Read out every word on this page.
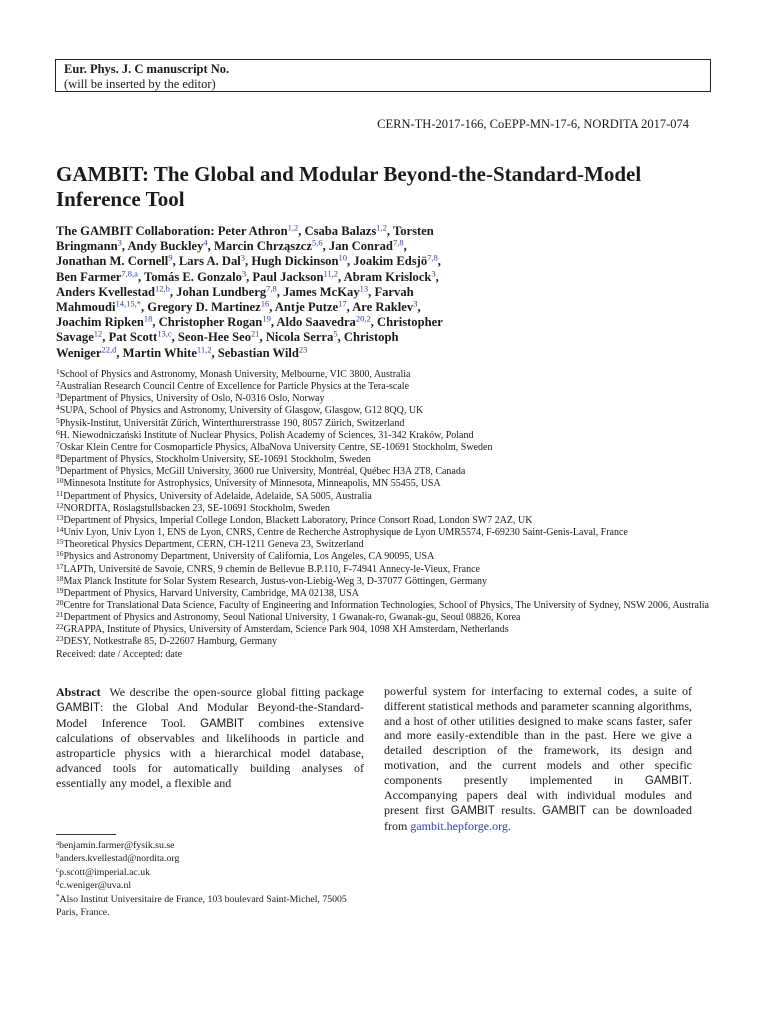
Eur. Phys. J. C manuscript No.
(will be inserted by the editor)
CERN-TH-2017-166, CoEPP-MN-17-6, NORDITA 2017-074
GAMBIT: The Global and Modular Beyond-the-Standard-Model Inference Tool
The GAMBIT Collaboration: Peter Athron$^{1,2}$, Csaba Balazs$^{1,2}$, Torsten
Bringmann$^3$, Andy Buckley$^4$, Marcin Chrząszcz$^{5,6}$, Jan Conrad$^{7,8}$,
Jonathan M. Cornell$^9$, Lars A. Dal$^3$, Hugh Dickinson$^{10}$, Joakim Edsjö$^{7,8}$,
Ben Farmer$^{7,8,a}$, Tomás E. Gonzalo$^3$, Paul Jackson$^{11,2}$, Abram Krislock$^3$,
Anders Kvellestad$^{12,b}$, Johan Lundberg$^{7,8}$, James McKay$^{13}$, Farvah
Mahmoudi$^{14,15,*}$, Gregory D. Martinez$^{16}$, Antje Putze$^{17}$, Are Raklev$^3$,
Joachim Ripken$^{18}$, Christopher Rogan$^{19}$, Aldo Saavedra$^{20,2}$, Christopher
Savage$^{12}$, Pat Scott$^{13,c}$, Seon-Hee Seo$^{21}$, Nicola Serra$^5$, Christoph
Weniger$^{22,d}$, Martin White$^{11,2}$, Sebastian Wild$^{23}$
$^1$School of Physics and Astronomy, Monash University, Melbourne, VIC 3800, Australia
$^2$Australian Research Council Centre of Excellence for Particle Physics at the Tera-scale
$^3$Department of Physics, University of Oslo, N-0316 Oslo, Norway
$^4$SUPA, School of Physics and Astronomy, University of Glasgow, Glasgow, G12 8QQ, UK
$^5$Physik-Institut, Universität Zürich, Winterthurerstrasse 190, 8057 Zürich, Switzerland
$^6$H. Niewodniczański Institute of Nuclear Physics, Polish Academy of Sciences, 31-342 Kraków, Poland
$^7$Oskar Klein Centre for Cosmoparticle Physics, AlbaNova University Centre, SE-10691 Stockholm, Sweden
$^8$Department of Physics, Stockholm University, SE-10691 Stockholm, Sweden
$^9$Department of Physics, McGill University, 3600 rue University, Montréal, Québec H3A 2T8, Canada
$^{10}$Minnesota Institute for Astrophysics, University of Minnesota, Minneapolis, MN 55455, USA
$^{11}$Department of Physics, University of Adelaide, Adelaide, SA 5005, Australia
$^{12}$NORDITA, Roslagstullsbacken 23, SE-10691 Stockholm, Sweden
$^{13}$Department of Physics, Imperial College London, Blackett Laboratory, Prince Consort Road, London SW7 2AZ, UK
$^{14}$Univ Lyon, Univ Lyon 1, ENS de Lyon, CNRS, Centre de Recherche Astrophysique de Lyon UMR5574, F-69230 Saint-Genis-Laval, France
$^{15}$Theoretical Physics Department, CERN, CH-1211 Geneva 23, Switzerland
$^{16}$Physics and Astronomy Department, University of California, Los Angeles, CA 90095, USA
$^{17}$LAPTh, Université de Savoie, CNRS, 9 chemin de Bellevue B.P.110, F-74941 Annecy-le-Vieux, France
$^{18}$Max Planck Institute for Solar System Research, Justus-von-Liebig-Weg 3, D-37077 Göttingen, Germany
$^{19}$Department of Physics, Harvard University, Cambridge, MA 02138, USA
$^{20}$Centre for Translational Data Science, Faculty of Engineering and Information Technologies, School of Physics, The University of Sydney, NSW 2006, Australia
$^{21}$Department of Physics and Astronomy, Seoul National University, 1 Gwanak-ro, Gwanak-gu, Seoul 08826, Korea
$^{22}$GRAPPA, Institute of Physics, University of Amsterdam, Science Park 904, 1098 XH Amsterdam, Netherlands
$^{23}$DESY, Notkestraße 85, D-22607 Hamburg, Germany
Received: date / Accepted: date
Abstract We describe the open-source global fitting package GAMBIT: the Global And Modular Beyond-the-Standard-Model Inference Tool. GAMBIT combines extensive calculations of observables and likelihoods in particle and astroparticle physics with a hierarchical model database, advanced tools for automatically building analyses of essentially any model, a flexible and
powerful system for interfacing to external codes, a suite of different statistical methods and parameter scanning algorithms, and a host of other utilities designed to make scans faster, safer and more easily-extendible than in the past. Here we give a detailed description of the framework, its design and motivation, and the current models and other specific components presently implemented in GAMBIT. Accompanying papers deal with individual modules and present first GAMBIT results. GAMBIT can be downloaded from gambit.hepforge.org.
$^a$benjamin.farmer@fysik.su.se
$^b$anders.kvellestad@nordita.org
$^c$p.scott@imperial.ac.uk
$^d$c.weniger@uva.nl
*Also Institut Universitaire de France, 103 boulevard Saint-Michel, 75005 Paris, France.
